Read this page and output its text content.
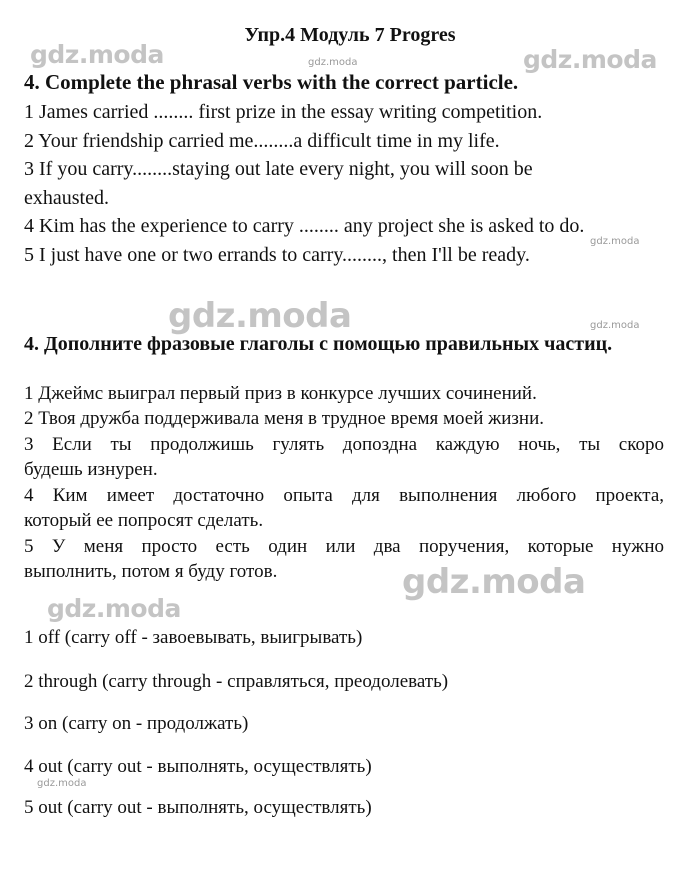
gdz.moda	gdz.moda
gdz.moda
gdz.moda
gdz.moda	gdz.moda
gdz.moda
gdz.moda
gdz.moda
Упр.4 Модуль 7 Progres
4. Complete the phrasal verbs with the correct particle.
1 James carried ........ first prize in the essay writing competition.
2 Your friendship carried me........a difficult time in my life.
3 If you carry........staying out late every night, you will soon be
exhausted.
4 Kim has the experience to carry ........ any project she is asked to do.
5 I just have one or two errands to carry........, then I'll be ready.
4. Дополните фразовые глаголы с помощью правильных частиц.
1 Джеймс выиграл первый приз в конкурсе лучших сочинений.
2 Твоя дружба поддерживала меня в трудное время моей жизни.
3 Если ты продолжишь гулять допоздна каждую ночь, ты скоро
будешь изнурен.
4 Ким имеет достаточно опыта для выполнения любого проекта,
который ее попросят сделать.
5 У меня просто есть один или два поручения, которые нужно
выполнить, потом я буду готов.
1 off (carry off - завоевывать, выигрывать)
2 through (carry through - справляться, преодолевать)
3 on (carry on - продолжать)
4 out (carry out - выполнять, осуществлять)
5 out (carry out - выполнять, осуществлять)
